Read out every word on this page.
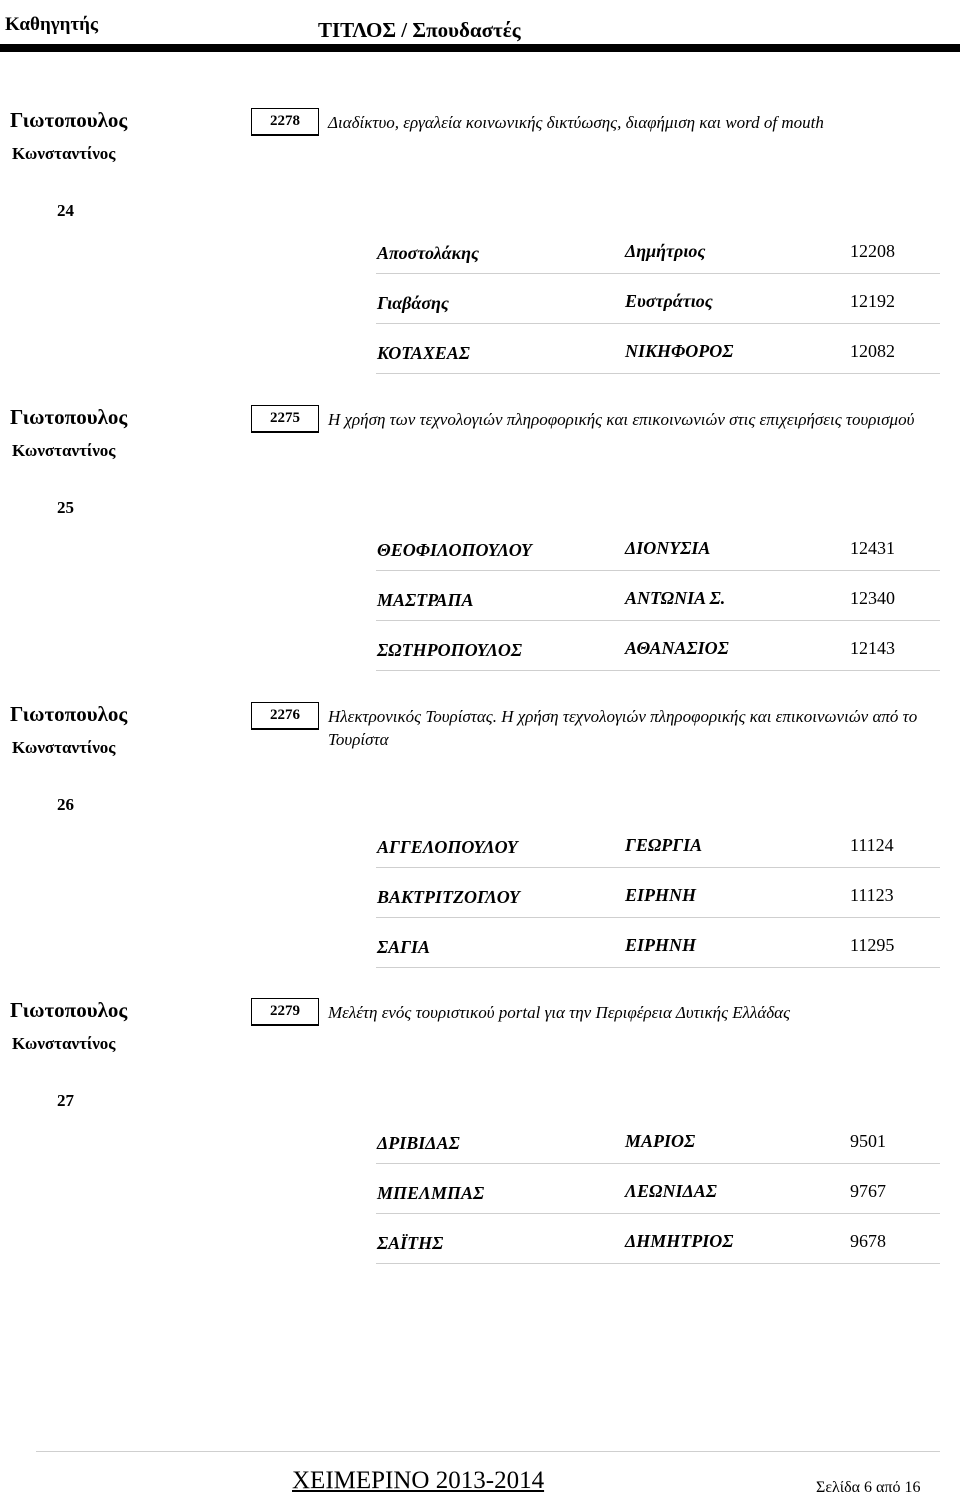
Καθηγητής	ΤΙΤΛΟΣ / Σπουδαστές
Γιωτοπουλος
Κωνσταντίνος
2278	Διαδίκτυο, εργαλεία κοινωνικής δικτύωσης, διαφήμιση και word of mouth
24
Αποστολάκης	Δημήτριος	12208
Γιαβάσης	Ευστράτιος	12192
ΚΟΤΑΧΕΑΣ	ΝΙΚΗΦΟΡΟΣ	12082
Γιωτοπουλος
Κωνσταντίνος
2275	Η χρήση των τεχνολογιών πληροφορικής και επικοινωνιών στις επιχειρήσεις τουρισμού
25
ΘΕΟΦΙΛΟΠΟΥΛΟΥ	ΔΙΟΝΥΣΙΑ	12431
ΜΑΣΤΡΑΠΑ	ΑΝΤΩΝΙΑ Σ.	12340
ΣΩΤΗΡΟΠΟΥΛΟΣ	ΑΘΑΝΑΣΙΟΣ	12143
Γιωτοπουλος
Κωνσταντίνος
2276	Ηλεκτρονικός Τουρίστας. Η χρήση τεχνολογιών πληροφορικής και επικοινωνιών από το Τουρίστα
26
ΑΓΓΕΛΟΠΟΥΛΟΥ	ΓΕΩΡΓΙΑ	11124
ΒΑΚΤΡΙΤΖΟΓΛΟΥ	ΕΙΡΗΝΗ	11123
ΣΑΓΙΑ	ΕΙΡΗΝΗ	11295
Γιωτοπουλος
Κωνσταντίνος
2279	Μελέτη ενός τουριστικού portal για την Περιφέρεια Δυτικής Ελλάδας
27
ΔΡΙΒΙΔΑΣ	ΜΑΡΙΟΣ	9501
ΜΠΕΛΜΠΑΣ	ΛΕΩΝΙΔΑΣ	9767
ΣΑΪΤΗΣ	ΔΗΜΗΤΡΙΟΣ	9678
ΧΕΙΜΕΡΙΝΟ 2013-2014	Σελίδα 6 από 16
